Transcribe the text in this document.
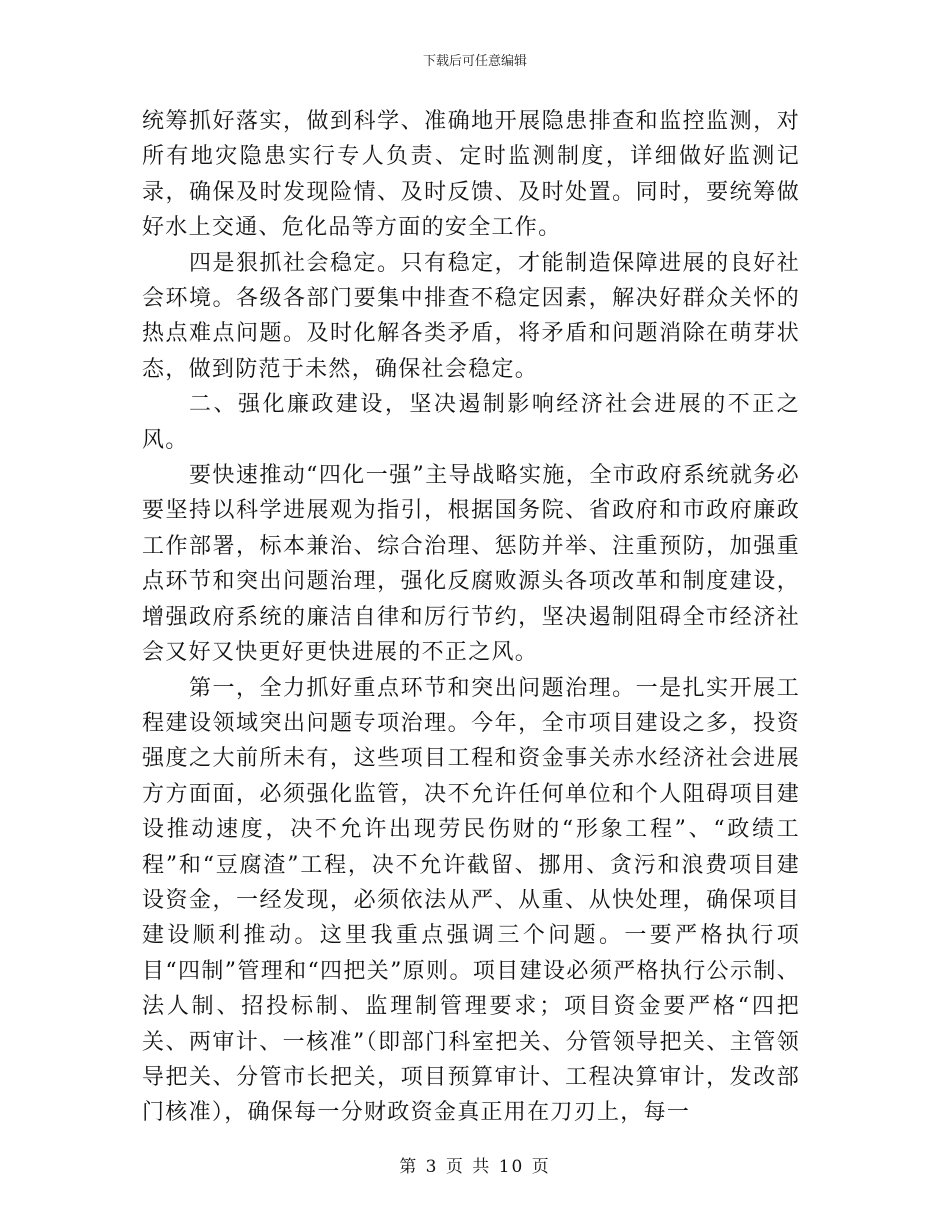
下载后可任意编辑

统筹抓好落实，做到科学、准确地开展隐患排查和监控监测，对所有地灾隐患实行专人负责、定时监测制度，详细做好监测记录，确保及时发现险情、及时反馈、及时处置。同时，要统筹做好水上交通、危化品等方面的安全工作。

四是狠抓社会稳定。只有稳定，才能制造保障进展的良好社会环境。各级各部门要集中排查不稳定因素，解决好群众关怀的热点难点问题。及时化解各类矛盾，将矛盾和问题消除在萌芽状态，做到防范于未然，确保社会稳定。

二、强化廉政建设，坚决遏制影响经济社会进展的不正之风。

要快速推动“四化一强”主导战略实施，全市政府系统就务必要坚持以科学进展观为指引，根据国务院、省政府和市政府廉政工作部署，标本兼治、综合治理、惩防并举、注重预防，加强重点环节和突出问题治理，强化反腐败源头各项改革和制度建设，增强政府系统的廉洁自律和厉行节约，坚决遏制阻碍全市经济社会又好又快更好更快进展的不正之风。

第一，全力抓好重点环节和突出问题治理。一是扎实开展工程建设领域突出问题专项治理。今年，全市项目建设之多，投资强度之大前所未有，这些项目工程和资金事关赤水经济社会进展方方面面，必须强化监管，决不允许任何单位和个人阻碍项目建设推动速度，决不允许出现劳民伤财的“形象工程”、“政绩工程”和“豆腐渣”工程，决不允许截留、挪用、贪污和浪费项目建设资金，一经发现，必须依法从严、从重、从快处理，确保项目建设顺利推动。这里我重点强调三个问题。一要严格执行项目“四制”管理和“四把关”原则。项目建设必须严格执行公示制、法人制、招投标制、监理制管理要求；项目资金要严格“四把关、两审计、一核准”（即部门科室把关、分管领导把关、主管领导把关、分管市长把关，项目预算审计、工程决算审计，发改部门核准），确保每一分财政资金真正用在刀刃上，每一

第 3 页 共 10 页
